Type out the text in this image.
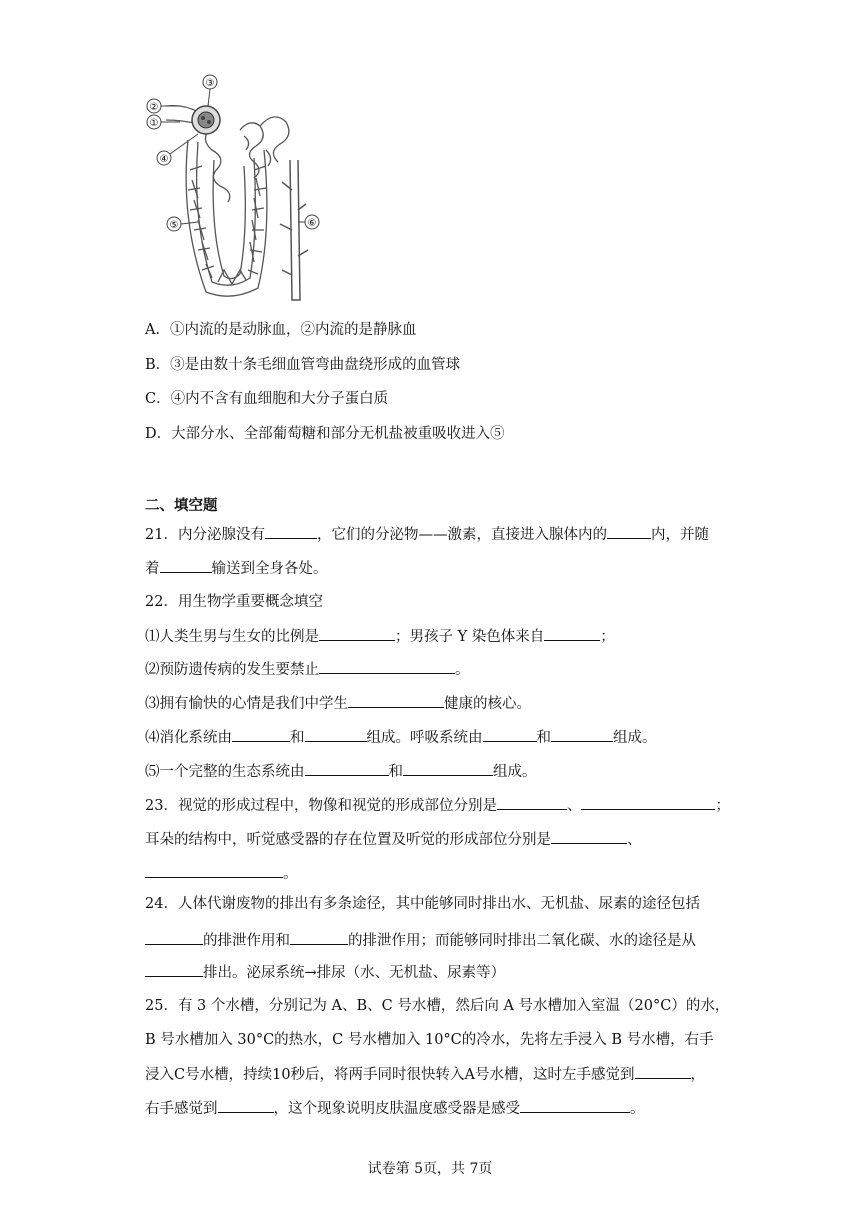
②
①
③
④
⑤	⑥
A．①内流的是动脉血，②内流的是静脉血
B．③是由数十条毛细血管弯曲盘绕形成的血管球
C．④内不含有血细胞和大分子蛋白质
D．大部分水、全部葡萄糖和部分无机盐被重吸收进入⑤
二、填空题
21．内分泌腺没有	，它们的分泌物——激素，直接进入腺体内的	内，并随
着	输送到全身各处。
22．用生物学重要概念填空
⑴人类生男与生女的比例是	；男孩子 Y 染色体来自	；
⑵预防遗传病的发生要禁止	。
⑶拥有愉快的心情是我们中学生	健康的核心。
⑷消化系统由	和	组成。呼吸系统由	和	组成。
⑸一个完整的生态系统由	和	组成。
23．视觉的形成过程中，物像和视觉的形成部位分别是	、	；
耳朵的结构中，听觉感受器的存在位置及听觉的形成部位分别是	、
。
24．人体代谢废物的排出有多条途径，其中能够同时排出水、无机盐、尿素的途径包括
的排泄作用和	的排泄作用；而能够同时排出二氧化碳、水的途径是从
排出。泌尿系统→排尿（水、无机盐、尿素等）
25．有 3 个水槽，分别记为 A、B、C 号水槽，然后向 A 号水槽加入室温（20°C）的水，
B 号水槽加入 30°C的热水，C 号水槽加入 10°C的冷水，先将左手浸入 B 号水槽，右手
浸入C号水槽，持续10秒后，将两手同时很快转入A号水槽，这时左手感觉到	，
右手感觉到	，这个现象说明皮肤温度感受器是感受	。
试卷第 5页，共 7页
